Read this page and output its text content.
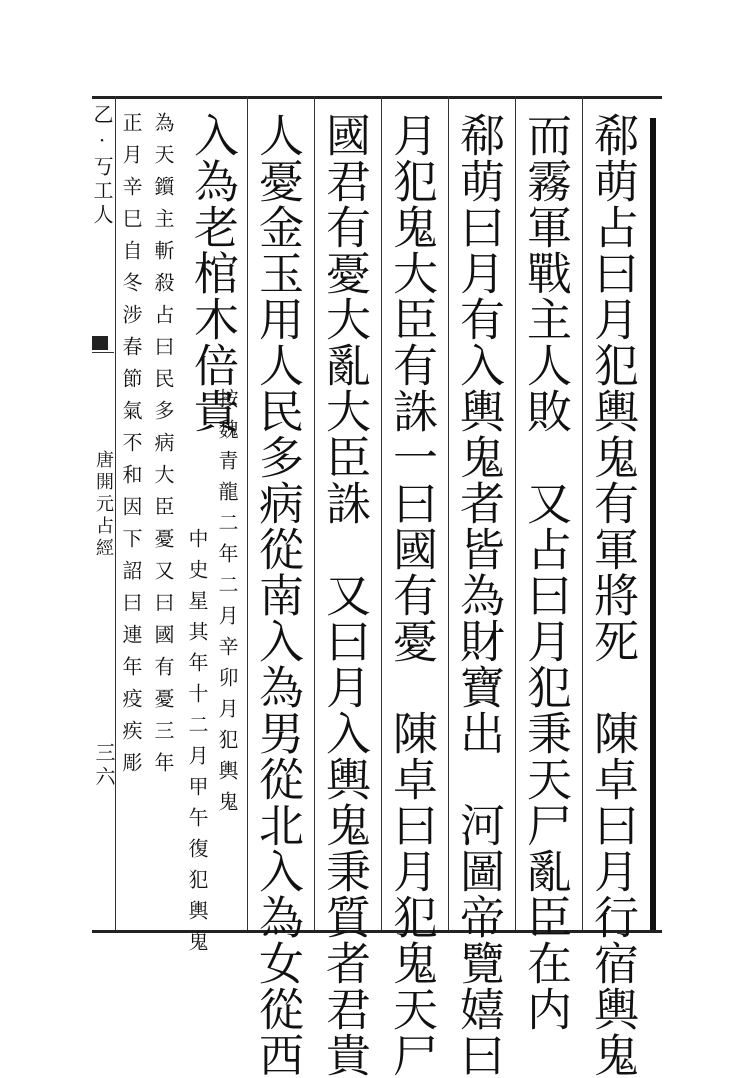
乙·丂工人
唐開元占經
三六	郗萌占曰月犯輿鬼有軍將死　陳卓曰月行宿輿鬼
而霧軍戰主人敗　又占曰月犯秉天尸亂臣在内
郗萌曰月有入輿鬼者皆為財寶出　河圖帝覽嬉曰
月犯鬼大臣有誅一曰國有憂　陳卓曰月犯鬼天尸
國君有憂大亂大臣誅　又曰月入輿鬼秉質者君貴
人憂金玉用人民多病從南入為男從北入為女從西
入為老棺木倍貴
按魏青龍二年二月辛卯月犯輿鬼
中史星其年十二月甲午復犯輿鬼
為天鑕主斬殺占曰民多病大臣憂又曰國有憂三年
正月辛巳自冬涉春節氣不和因下詔曰連年疫疾彫
